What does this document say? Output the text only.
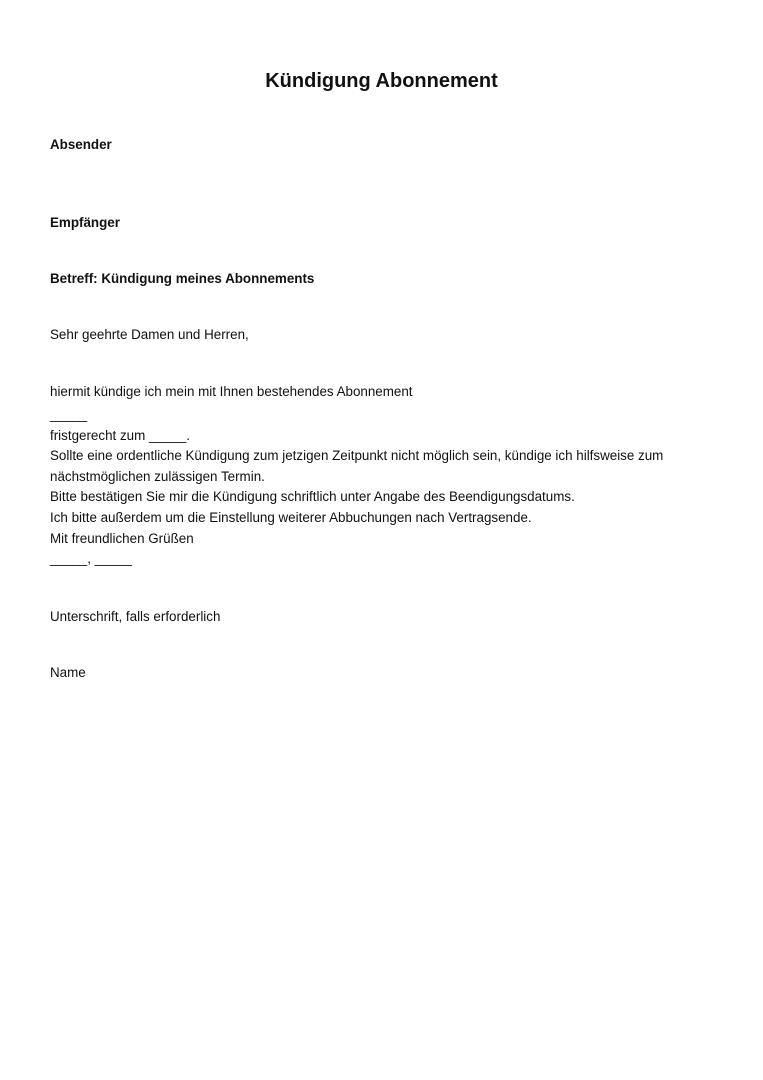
Kündigung Abonnement
Absender
Empfänger
Betreff: Kündigung meines Abonnements
Sehr geehrte Damen und Herren,
hiermit kündige ich mein mit Ihnen bestehendes Abonnement
_____
fristgerecht zum _____.
Sollte eine ordentliche Kündigung zum jetzigen Zeitpunkt nicht möglich sein, kündige ich hilfsweise zum nächstmöglichen zulässigen Termin.
Bitte bestätigen Sie mir die Kündigung schriftlich unter Angabe des Beendigungsdatums.
Ich bitte außerdem um die Einstellung weiterer Abbuchungen nach Vertragsende.
Mit freundlichen Grüßen
_____, _____
Unterschrift, falls erforderlich
Name
